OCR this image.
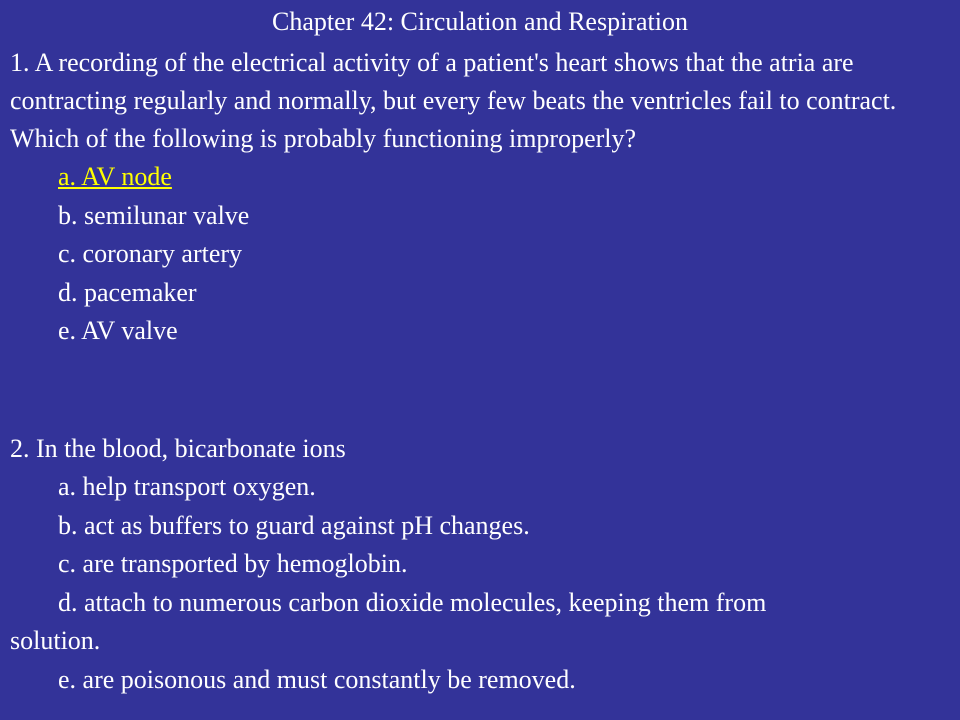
Chapter 42: Circulation and Respiration
1. A recording of the electrical activity of a patient's heart shows that the atria are contracting regularly and normally, but every few beats the ventricles fail to contract. Which of the following is probably functioning improperly?
a. AV node
b. semilunar valve
c. coronary artery
d. pacemaker
e. AV valve
2. In the blood, bicarbonate ions
a. help transport oxygen.
b. act as buffers to guard against pH changes.
c. are transported by hemoglobin.
d. attach to numerous carbon dioxide molecules, keeping them from
solution.
e. are poisonous and must constantly be removed.
